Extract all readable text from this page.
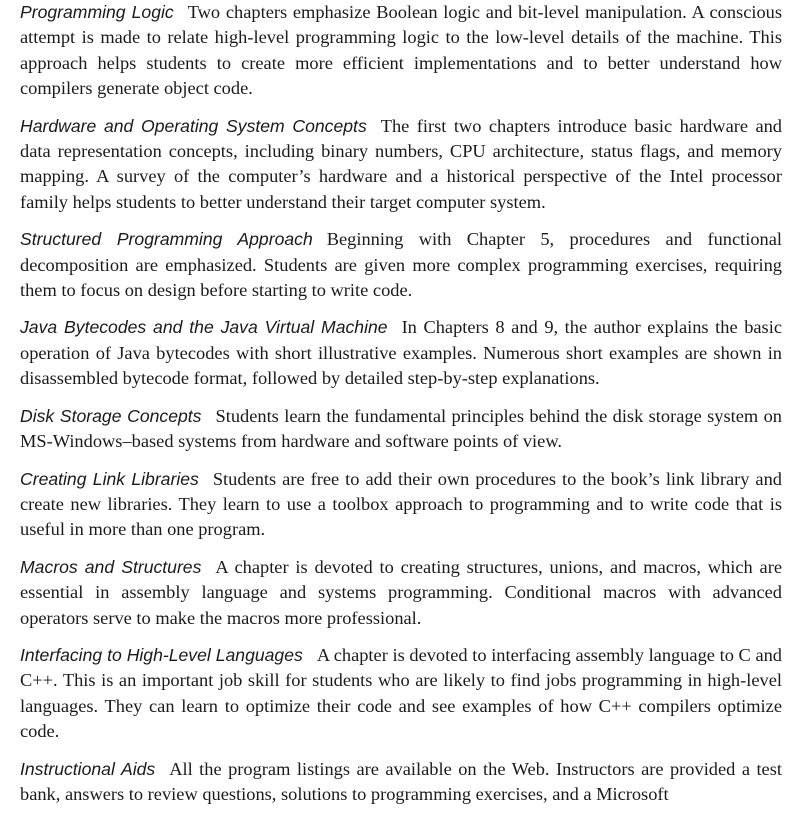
Programming Logic Two chapters emphasize Boolean logic and bit-level manipulation. A conscious attempt is made to relate high-level programming logic to the low-level details of the machine. This approach helps students to create more efficient implementations and to better understand how compilers generate object code.

Hardware and Operating System Concepts The first two chapters introduce basic hardware and data representation concepts, including binary numbers, CPU architecture, status flags, and memory mapping. A survey of the computer’s hardware and a historical perspective of the Intel processor family helps students to better understand their target computer system.

Structured Programming Approach Beginning with Chapter 5, procedures and functional decomposition are emphasized. Students are given more complex programming exercises, requiring them to focus on design before starting to write code.

Java Bytecodes and the Java Virtual Machine In Chapters 8 and 9, the author explains the basic operation of Java bytecodes with short illustrative examples. Numerous short examples are shown in disassembled bytecode format, followed by detailed step-by-step explanations.

Disk Storage Concepts Students learn the fundamental principles behind the disk storage system on MS-Windows–based systems from hardware and software points of view.

Creating Link Libraries Students are free to add their own procedures to the book’s link library and create new libraries. They learn to use a toolbox approach to programming and to write code that is useful in more than one program.

Macros and Structures A chapter is devoted to creating structures, unions, and macros, which are essential in assembly language and systems programming. Conditional macros with advanced operators serve to make the macros more professional.

Interfacing to High-Level Languages A chapter is devoted to interfacing assembly language to C and C++. This is an important job skill for students who are likely to find jobs programming in high-level languages. They can learn to optimize their code and see examples of how C++ compilers optimize code.

Instructional Aids All the program listings are available on the Web. Instructors are provided a test bank, answers to review questions, solutions to programming exercises, and a Microsoft
